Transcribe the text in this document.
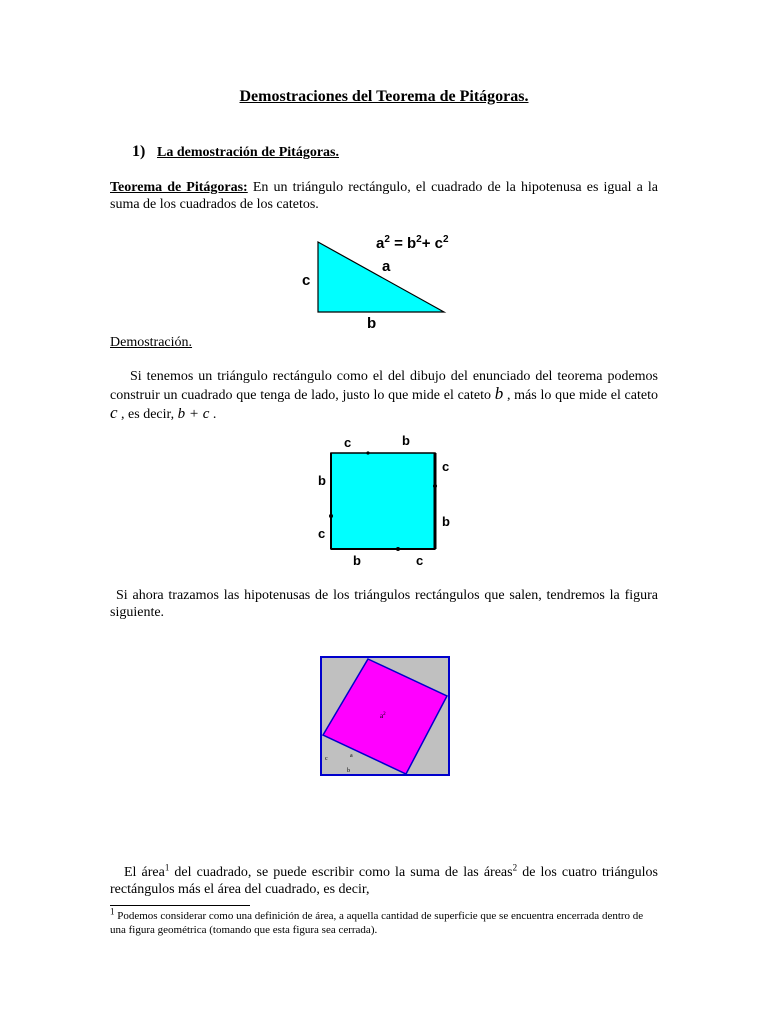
Demostraciones del Teorema de Pitágoras.
1) La demostración de Pitágoras.
Teorema de Pitágoras: En un triángulo rectángulo, el cuadrado de la hipotenusa es igual a la suma de los cuadrados de los catetos.
$a^2 = b^2+ c^2$
a
c
b
Demostración.
Si tenemos un triángulo rectángulo como el del dibujo del enunciado del teorema podemos construir un cuadrado que tenga de lado, justo lo que mide el cateto b , más lo que mide el cateto c , es decir, b + c .
c	b
c
b
b
c
b	c
Si ahora trazamos las hipotenusas de los triángulos rectángulos que salen, tendremos la figura siguiente.
$a^2$
c	a
b
El área$^1$ del cuadrado, se puede escribir como la suma de las áreas$^2$ de los cuatro triángulos rectángulos más el área del cuadrado, es decir,
$^1$ Podemos considerar como una definición de área, a aquella cantidad de superficie que se encuentra encerrada dentro de una figura geométrica (tomando que esta figura sea cerrada).
